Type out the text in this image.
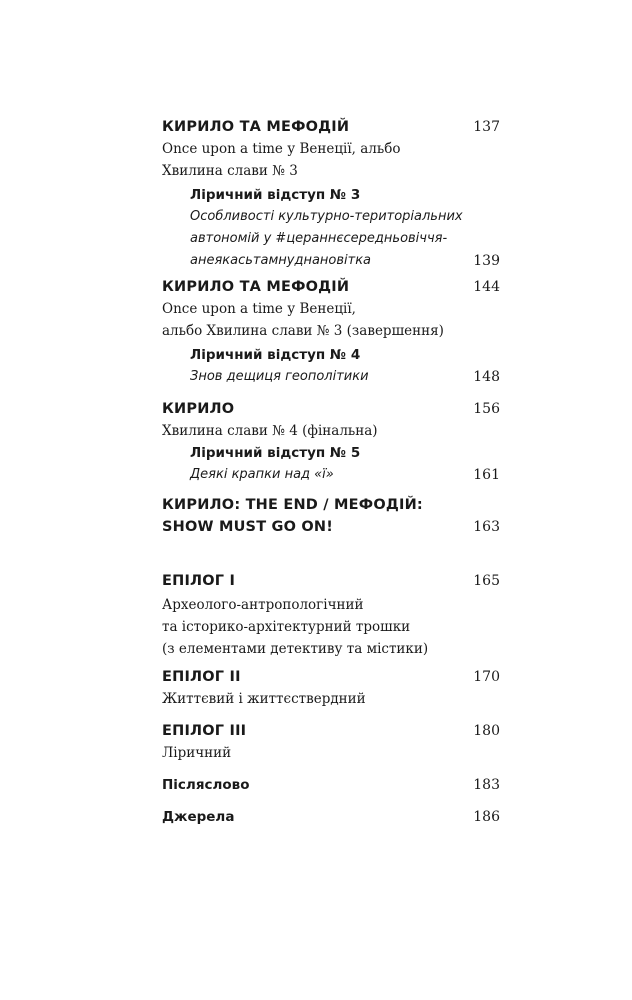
КИРИЛО ТА МЕФОДІЙ	137
Once upon a time у Венеції, альбо
Хвилина слави № 3
Ліричний відступ № 3
Особливості культурно-територіальних
автономій у #цераннєсередньовіччя-
анеякасьтамнуднанoвітка	139
КИРИЛО ТА МЕФОДІЙ	144
Once upon a time у Венеції,
альбо Хвилина слави № 3 (завершення)
Ліричний відступ № 4
Знов дещиця геополітики	148
КИРИЛО	156
Хвилина слави № 4 (фінальна)
Ліричний відступ № 5
Деякі крапки над «ї»	161
КИРИЛО: THE END / МЕФОДІЙ:
SHOW MUST GO ON!	163
ЕПІЛОГ І	165
Археолого-антропологічний
та історико-архітектурний трошки
(з елементами детективу та містики)
ЕПІЛОГ ІІ	170
Життєвий і життєствердний
ЕПІЛОГ ІІІ	180
Ліричний
Післяслово	183
Джерела	186
